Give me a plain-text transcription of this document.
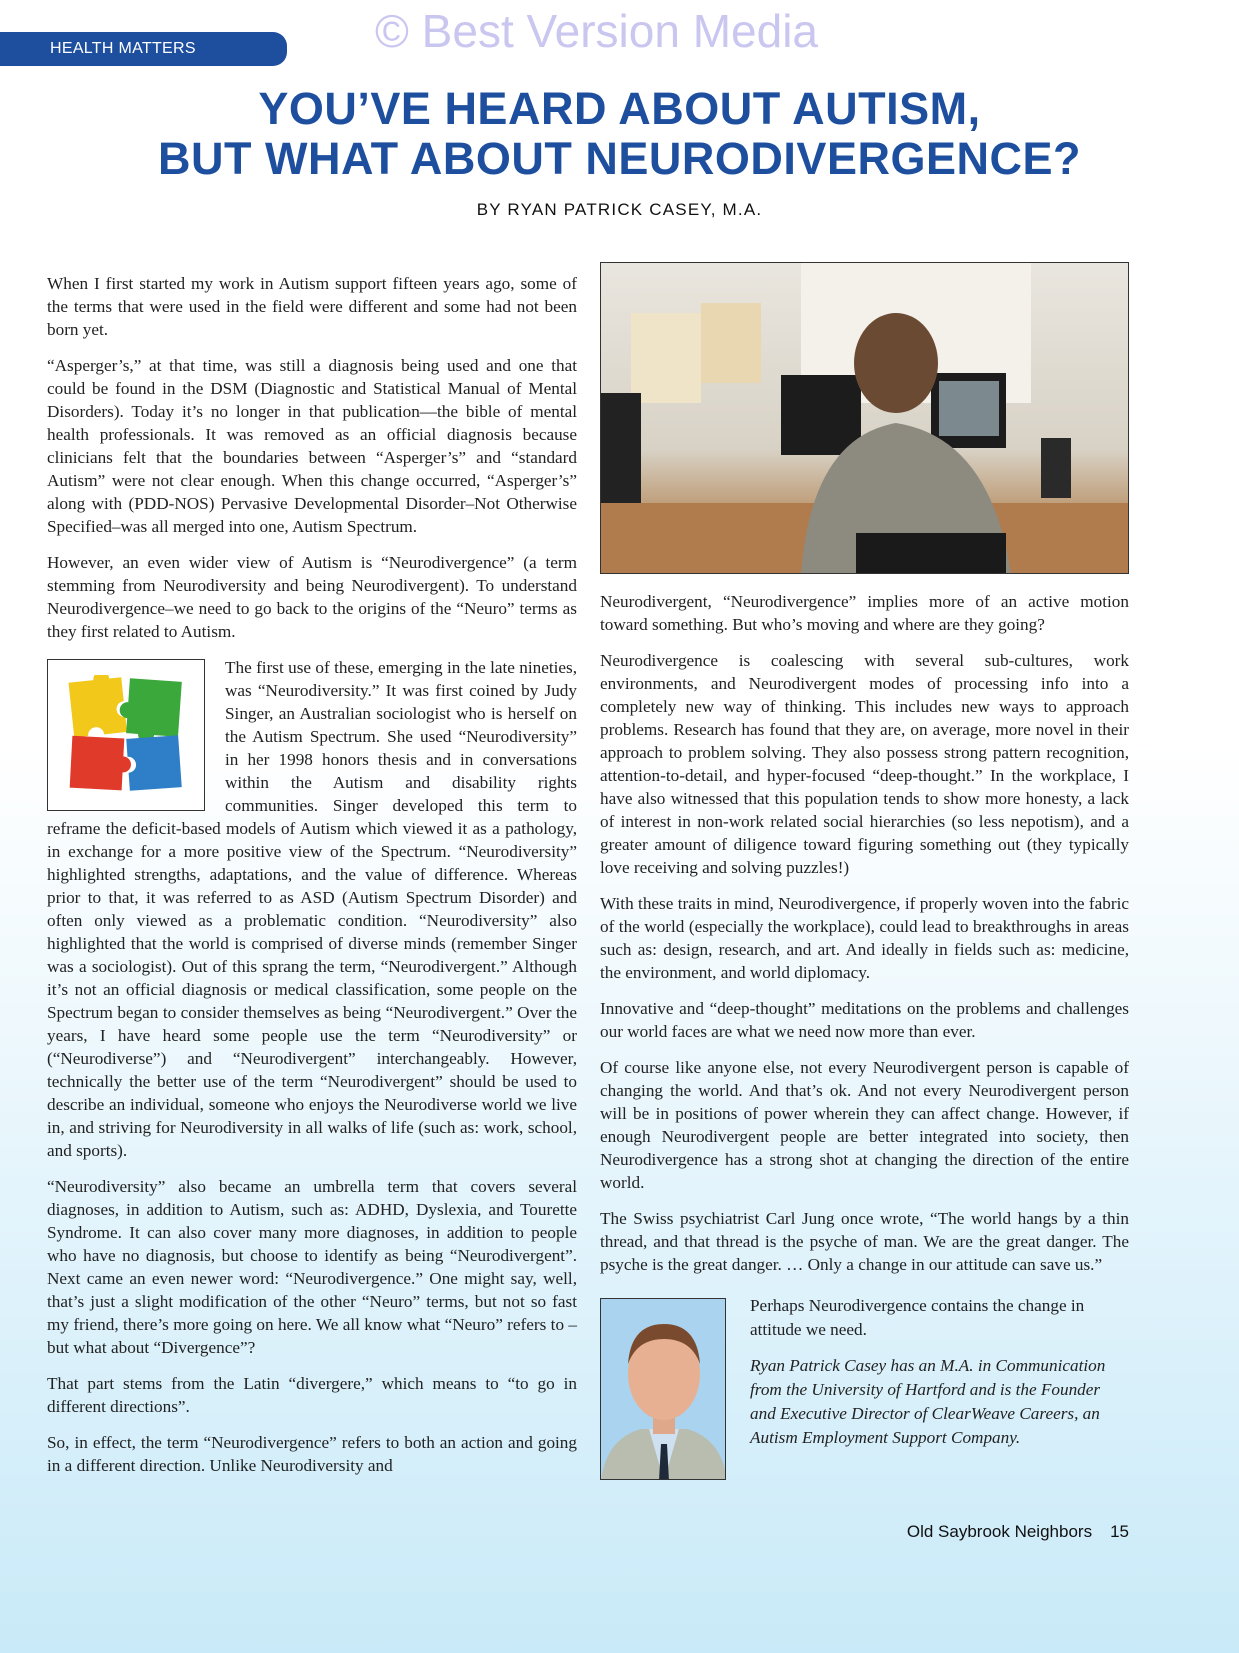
© Best Version Media
HEALTH MATTERS
YOU’VE HEARD ABOUT AUTISM,
BUT WHAT ABOUT NEURODIVERGENCE?
BY RYAN PATRICK CASEY, M.A.

When I first started my work in Autism support fifteen years ago, some of the terms that were used in the field were different and some had not been born yet.

“Asperger’s,” at that time, was still a diagnosis being used and one that could be found in the DSM (Diagnostic and Statistical Manual of Mental Disorders). Today it’s no longer in that publication—the bible of mental health professionals. It was removed as an official diagnosis because clinicians felt that the boundaries between “Asperger’s” and “standard Autism” were not clear enough. When this change occurred, “Asperger’s” along with (PDD-NOS) Pervasive Developmental Disorder–Not Otherwise Specified–was all merged into one, Autism Spectrum.

However, an even wider view of Autism is “Neurodivergence” (a term stemming from Neurodiversity and being Neurodivergent). To understand Neurodivergence–we need to go back to the origins of the “Neuro” terms as they first related to Autism.

The first use of these, emerging in the late nineties, was “Neurodiversity.” It was first coined by Judy Singer, an Australian sociologist who is herself on the Autism Spectrum. She used “Neurodiversity” in her 1998 honors thesis and in conversations within the Autism and disability rights communities. Singer developed this term to reframe the deficit-based models of Autism which viewed it as a pathology, in exchange for a more positive view of the Spectrum. “Neurodiversity” highlighted strengths, adaptations, and the value of difference. Whereas prior to that, it was referred to as ASD (Autism Spectrum Disorder) and often only viewed as a problematic condition. “Neurodiversity” also highlighted that the world is comprised of diverse minds (remember Singer was a sociologist). Out of this sprang the term, “Neurodivergent.” Although it’s not an official diagnosis or medical classification, some people on the Spectrum began to consider themselves as being “Neurodivergent.” Over the years, I have heard some people use the term “Neurodiversity” or (“Neurodiverse”) and “Neurodivergent” interchangeably. However, technically the better use of the term “Neurodivergent” should be used to describe an individual, someone who enjoys the Neurodiverse world we live in, and striving for Neurodiversity in all walks of life (such as: work, school, and sports).

“Neurodiversity” also became an umbrella term that covers several diagnoses, in addition to Autism, such as: ADHD, Dyslexia, and Tourette Syndrome. It can also cover many more diagnoses, in addition to people who have no diagnosis, but choose to identify as being “Neurodivergent”. Next came an even newer word: “Neurodivergence.” One might say, well, that’s just a slight modification of the other “Neuro” terms, but not so fast my friend, there’s more going on here. We all know what “Neuro” refers to – but what about “Divergence”?

That part stems from the Latin “divergere,” which means to “to go in different directions”.

So, in effect, the term “Neurodivergence” refers to both an action and going in a different direction. Unlike Neurodiversity and

Neurodivergent, “Neurodivergence” implies more of an active motion toward something. But who’s moving and where are they going?

Neurodivergence is coalescing with several sub-cultures, work environments, and Neurodivergent modes of processing info into a completely new way of thinking. This includes new ways to approach problems. Research has found that they are, on average, more novel in their approach to problem solving. They also possess strong pattern recognition, attention-to-detail, and hyper-focused “deep-thought.” In the workplace, I have also witnessed that this population tends to show more honesty, a lack of interest in non-work related social hierarchies (so less nepotism), and a greater amount of diligence toward figuring something out (they typically love receiving and solving puzzles!)

With these traits in mind, Neurodivergence, if properly woven into the fabric of the world (especially the workplace), could lead to breakthroughs in areas such as: design, research, and art. And ideally in fields such as: medicine, the environment, and world diplomacy.

Innovative and “deep-thought” meditations on the problems and challenges our world faces are what we need now more than ever.

Of course like anyone else, not every Neurodivergent person is capable of changing the world. And that’s ok. And not every Neurodivergent person will be in positions of power wherein they can affect change. However, if enough Neurodivergent people are better integrated into society, then Neurodivergence has a strong shot at changing the direction of the entire world.

The Swiss psychiatrist Carl Jung once wrote, “The world hangs by a thin thread, and that thread is the psyche of man. We are the great danger. The psyche is the great danger. … Only a change in our attitude can save us.”

Perhaps Neurodivergence contains the change in attitude we need.

Ryan Patrick Casey has an M.A. in Communication from the University of Hartford and is the Founder and Executive Director of ClearWeave Careers, an Autism Employment Support Company.

Old Saybrook Neighbors 15
